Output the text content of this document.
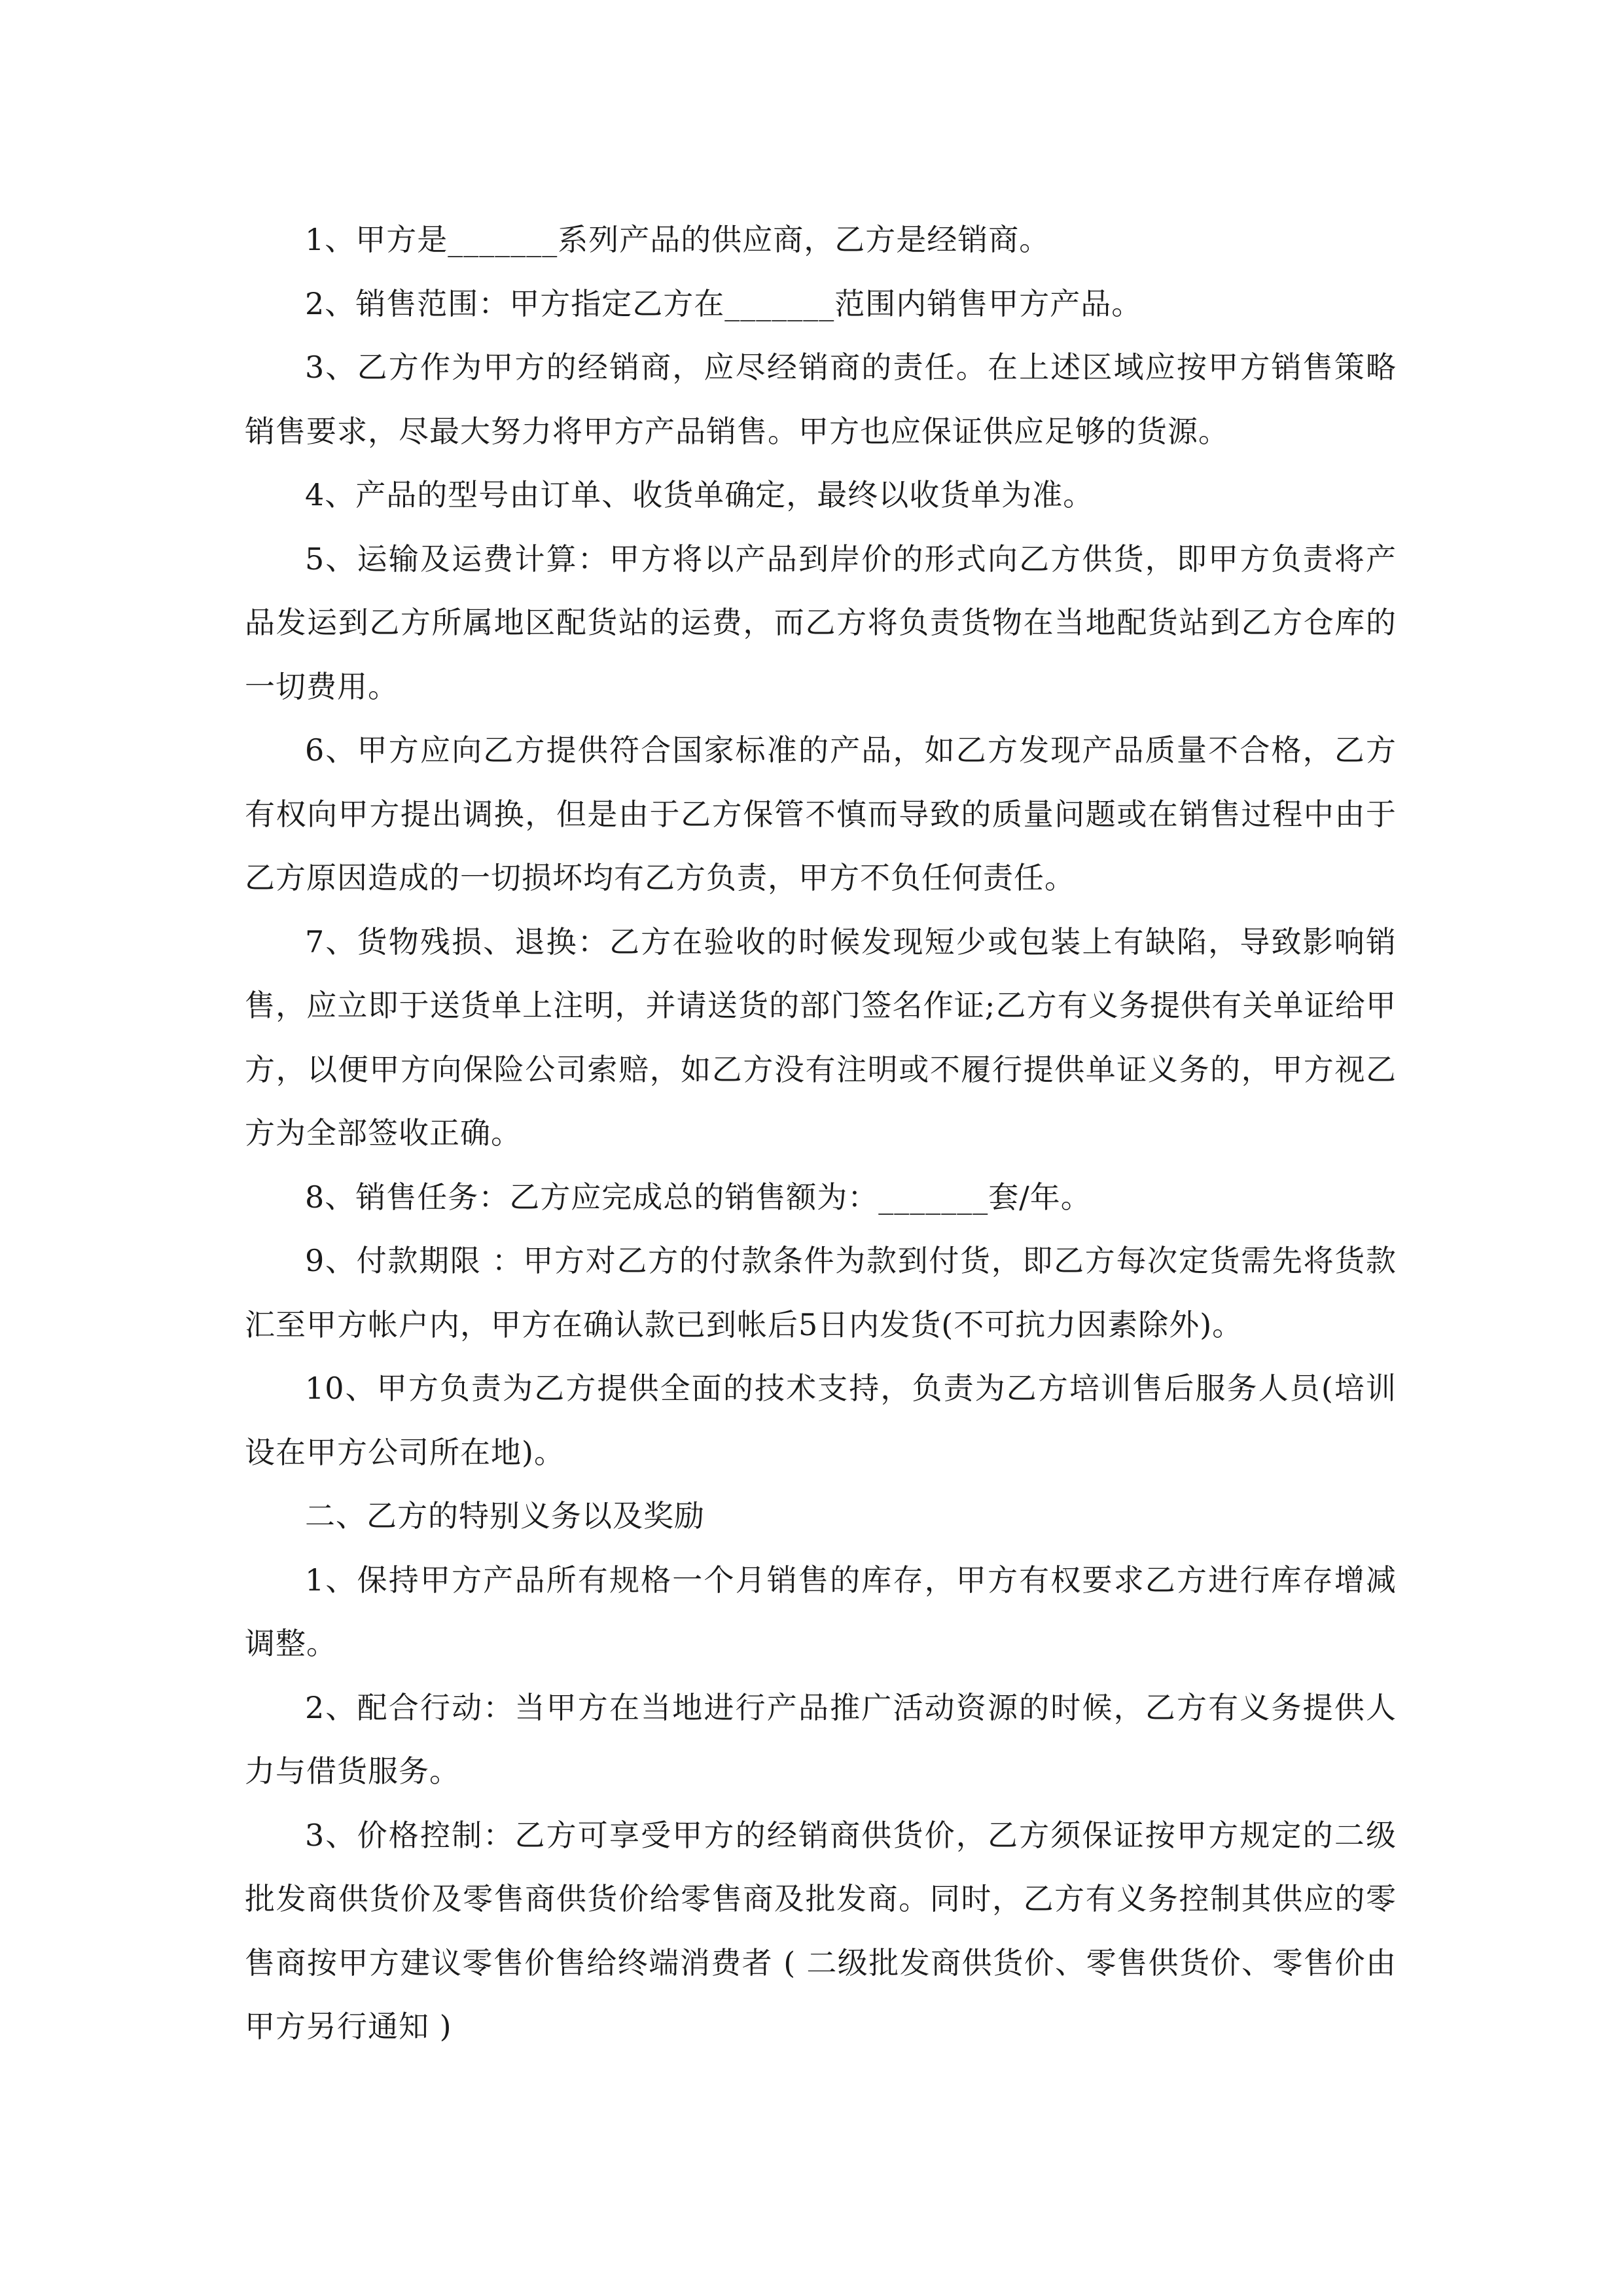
1、甲方是_______系列产品的供应商，乙方是经销商。

2、销售范围：甲方指定乙方在_______范围内销售甲方产品。

3、乙方作为甲方的经销商，应尽经销商的责任。在上述区域应按甲方销售策略销售要求，尽最大努力将甲方产品销售。甲方也应保证供应足够的货源。

4、产品的型号由订单、收货单确定，最终以收货单为准。

5、运输及运费计算：甲方将以产品到岸价的形式向乙方供货，即甲方负责将产品发运到乙方所属地区配货站的运费，而乙方将负责货物在当地配货站到乙方仓库的一切费用。

6、甲方应向乙方提供符合国家标准的产品，如乙方发现产品质量不合格，乙方有权向甲方提出调换，但是由于乙方保管不慎而导致的质量问题或在销售过程中由于乙方原因造成的一切损坏均有乙方负责，甲方不负任何责任。

7、货物残损、退换：乙方在验收的时候发现短少或包装上有缺陷，导致影响销售，应立即于送货单上注明，并请送货的部门签名作证;乙方有义务提供有关单证给甲方，以便甲方向保险公司索赔，如乙方没有注明或不履行提供单证义务的，甲方视乙方为全部签收正确。

8、销售任务：乙方应完成总的销售额为：_______套/年。

9、付款期限 ：甲方对乙方的付款条件为款到付货，即乙方每次定货需先将货款汇至甲方帐户内，甲方在确认款已到帐后5日内发货(不可抗力因素除外)。

10、甲方负责为乙方提供全面的技术支持，负责为乙方培训售后服务人员(培训设在甲方公司所在地)。

二、乙方的特别义务以及奖励

1、保持甲方产品所有规格一个月销售的库存，甲方有权要求乙方进行库存增减调整。

2、配合行动：当甲方在当地进行产品推广活动资源的时候，乙方有义务提供人力与借货服务。

3、价格控制：乙方可享受甲方的经销商供货价，乙方须保证按甲方规定的二级批发商供货价及零售商供货价给零售商及批发商。同时，乙方有义务控制其供应的零售商按甲方建议零售价售给终端消费者 ( 二级批发商供货价、零售供货价、零售价由甲方另行通知 )
